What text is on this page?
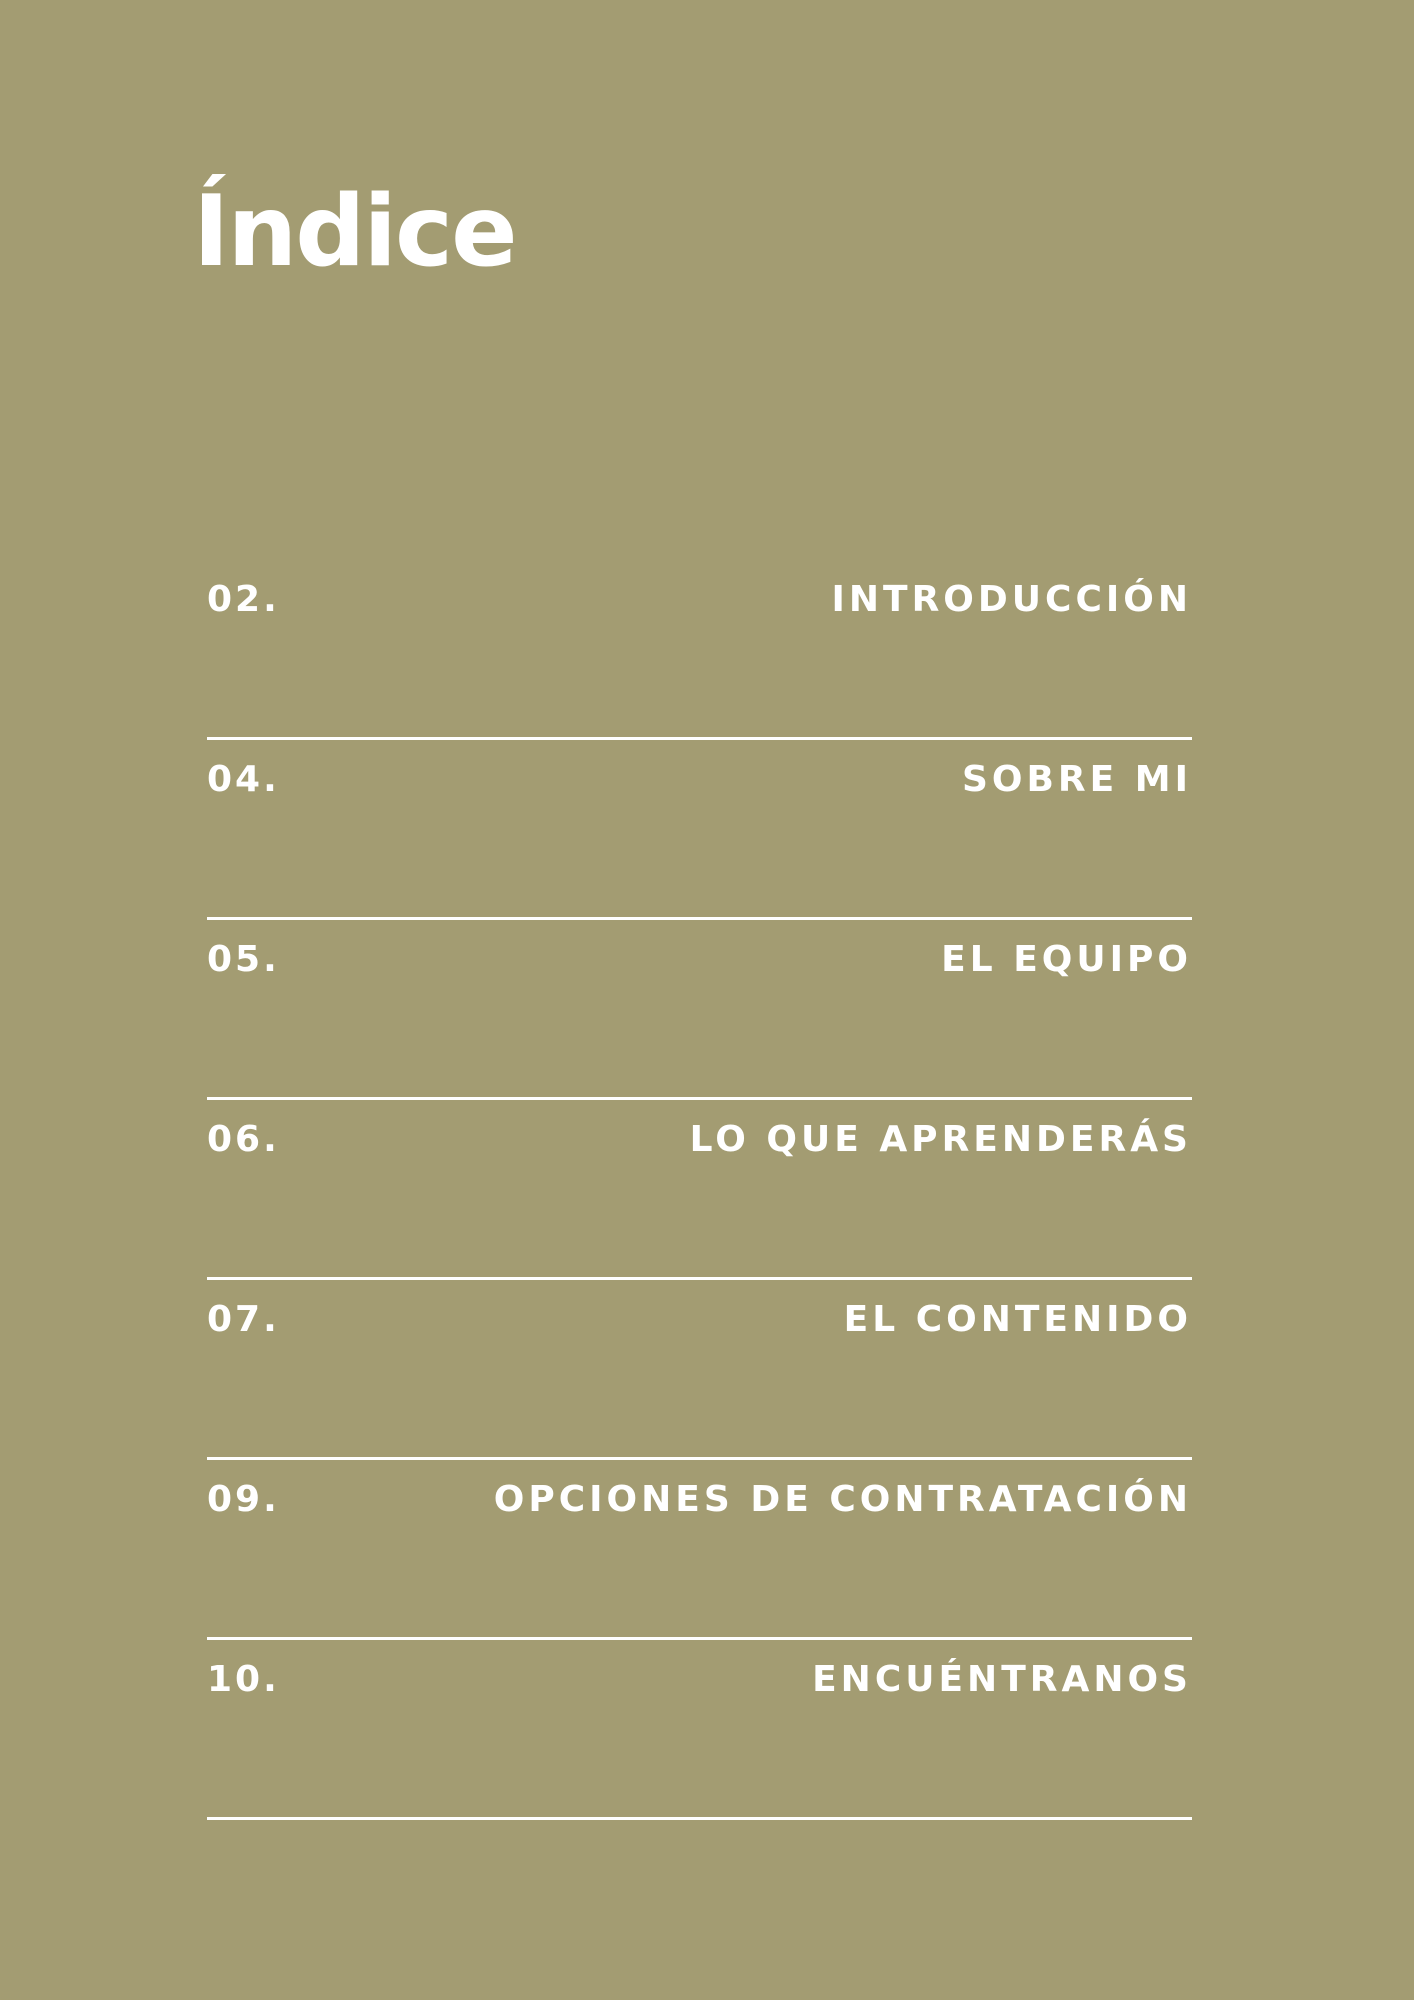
Índice
02.	INTRODUCCIÓN
04.	SOBRE MI
05.	EL EQUIPO
06.	LO QUE APRENDERÁS
07.	EL CONTENIDO
09.	OPCIONES DE CONTRATACIÓN
10.	ENCUÉNTRANOS
